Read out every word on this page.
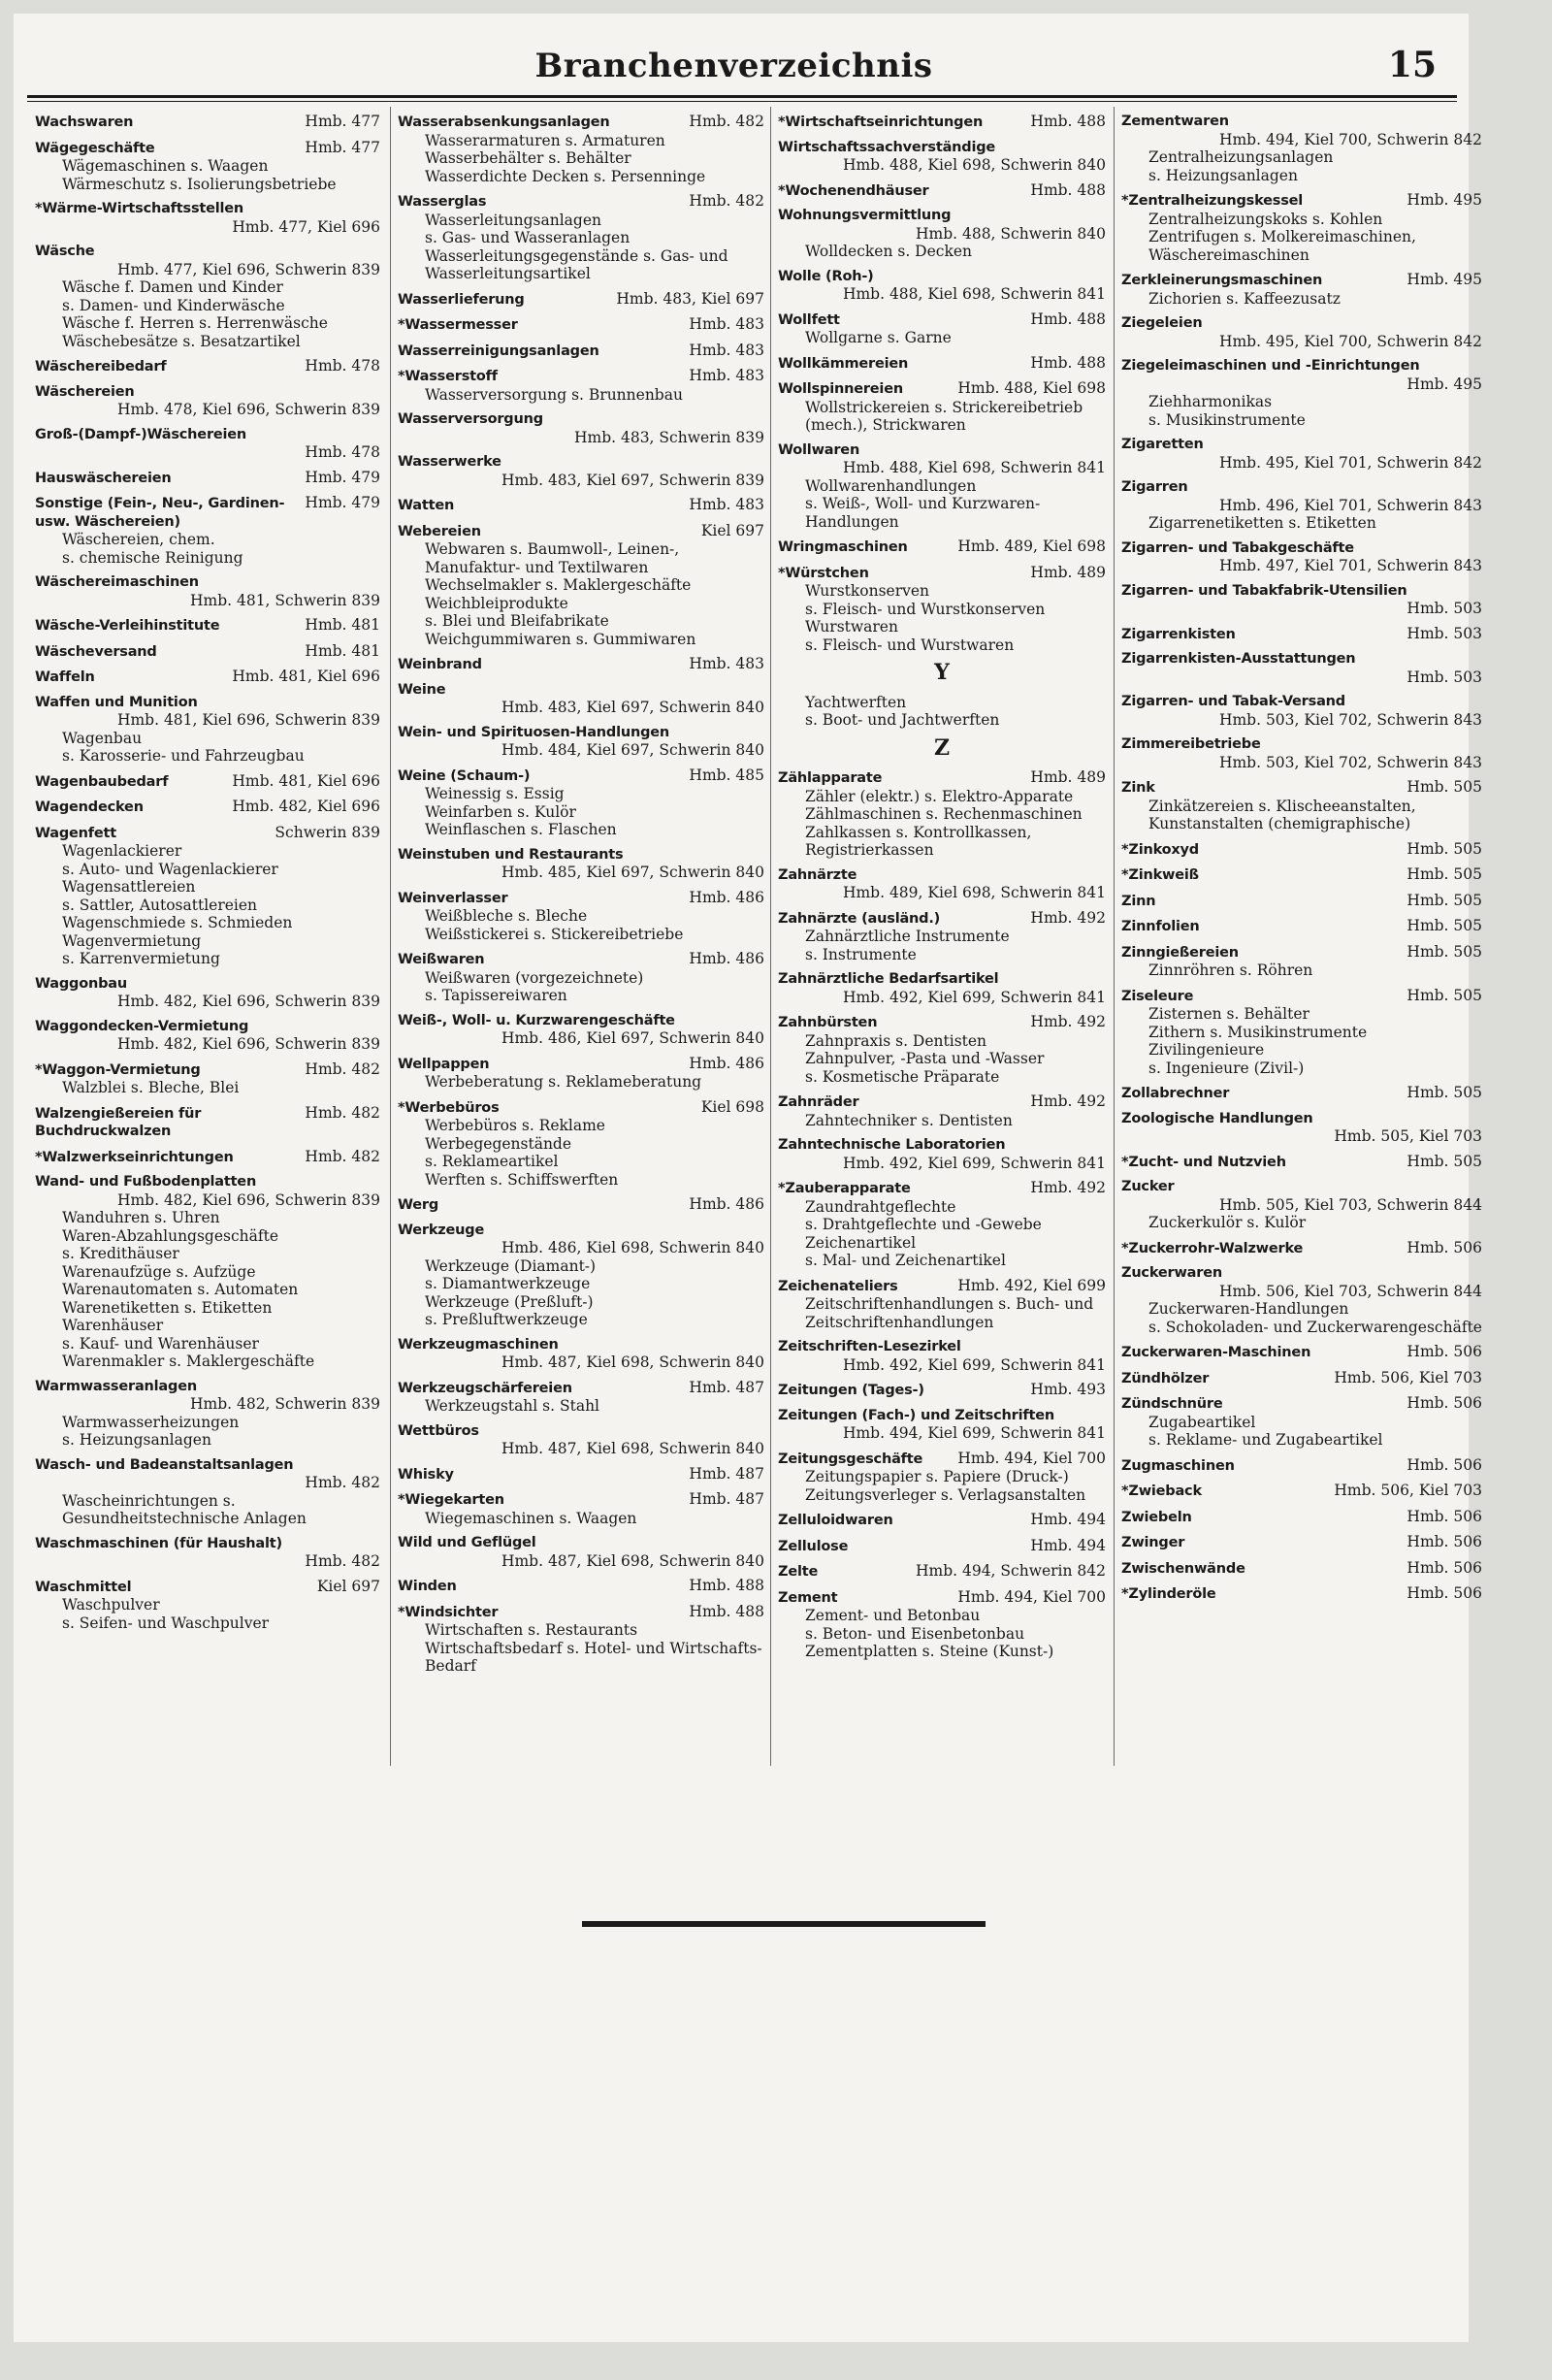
Branchenverzeichnis	15
Wachswaren	Hmb. 477
Wägegeschäfte	Hmb. 477
Wägemaschinen s. Waagen
Wärmeschutz s. Isolierungsbetriebe
*Wärme-Wirtschaftsstellen
Hmb. 477, Kiel 696
Wäsche
Hmb. 477, Kiel 696, Schwerin 839
Wäsche f. Damen und Kinder
s. Damen- und Kinderwäsche
Wäsche f. Herren s. Herrenwäsche
Wäschebesätze s. Besatzartikel
Wäschereibedarf	Hmb. 478
Wäschereien
Hmb. 478, Kiel 696, Schwerin 839
Groß-(Dampf-)Wäschereien
Hmb. 478
Hauswäschereien	Hmb. 479
Sonstige (Fein-, Neu-, Gardinen- usw. Wäschereien)
Hmb. 479
Wäschereien, chem.
s. chemische Reinigung
Wäschereimaschinen
Hmb. 481, Schwerin 839
Wäsche-Verleihinstitute	Hmb. 481
Wäscheversand	Hmb. 481
Waffeln	Hmb. 481, Kiel 696
Waffen und Munition
Hmb. 481, Kiel 696, Schwerin 839
Wagenbau
s. Karosserie- und Fahrzeugbau
Wagenbaubedarf	Hmb. 481, Kiel 696
Wagendecken	Hmb. 482, Kiel 696
Wagenfett	Schwerin 839
Wagenlackierer
s. Auto- und Wagenlackierer
Wagensattlereien
s. Sattler, Autosattlereien
Wagenschmiede s. Schmieden
Wagenvermietung
s. Karrenvermietung
Waggonbau
Hmb. 482, Kiel 696, Schwerin 839
Waggondecken-Vermietung
Hmb. 482, Kiel 696, Schwerin 839
*Waggon-Vermietung	Hmb. 482
Walzblei s. Bleche, Blei
Walzengießereien für Buchdruckwalzen
Hmb. 482
*Walzwerkseinrichtungen	Hmb. 482
Wand- und Fußbodenplatten
Hmb. 482, Kiel 696, Schwerin 839
Wanduhren s. Uhren
Waren-Abzahlungsgeschäfte
s. Kredithäuser
Warenaufzüge s. Aufzüge
Warenautomaten s. Automaten
Warenetiketten s. Etiketten
Warenhäuser
s. Kauf- und Warenhäuser
Warenmakler s. Maklergeschäfte
Warmwasseranlagen
Hmb. 482, Schwerin 839
Warmwasserheizungen
s. Heizungsanlagen
Wasch- und Badeanstaltsanlagen
Hmb. 482
Wascheinrichtungen s. Gesundheitstechnische Anlagen
Waschmaschinen (für Haushalt)
Hmb. 482
Waschmittel	Kiel 697
Waschpulver
s. Seifen- und Waschpulver
Wasserabsenkungsanlagen	Hmb. 482
Wasserarmaturen s. Armaturen
Wasserbehälter s. Behälter
Wasserdichte Decken s. Persenninge
Wasserglas	Hmb. 482
Wasserleitungsanlagen
s. Gas- und Wasseranlagen
Wasserleitungsgegenstände s. Gas- und Wasserleitungsartikel
Wasserlieferung	Hmb. 483, Kiel 697
*Wassermesser	Hmb. 483
Wasserreinigungsanlagen	Hmb. 483
*Wasserstoff	Hmb. 483
Wasserversorgung s. Brunnenbau
Wasserversorgung
Hmb. 483, Schwerin 839
Wasserwerke
Hmb. 483, Kiel 697, Schwerin 839
Watten	Hmb. 483
Webereien	Kiel 697
Webwaren s. Baumwoll-, Leinen-, Manufaktur- und Textilwaren
Wechselmakler s. Maklergeschäfte
Weichbleiprodukte
s. Blei und Bleifabrikate
Weichgummiwaren s. Gummiwaren
Weinbrand	Hmb. 483
Weine
Hmb. 483, Kiel 697, Schwerin 840
Wein- und Spirituosen-Handlungen
Hmb. 484, Kiel 697, Schwerin 840
Weine (Schaum-)	Hmb. 485
Weinessig s. Essig
Weinfarben s. Kulör
Weinflaschen s. Flaschen
Weinstuben und Restaurants
Hmb. 485, Kiel 697, Schwerin 840
Weinverlasser	Hmb. 486
Weißbleche s. Bleche
Weißstickerei s. Stickereibetriebe
Weißwaren	Hmb. 486
Weißwaren (vorgezeichnete)
s. Tapissereiwaren
Weiß-, Woll- u. Kurzwarengeschäfte
Hmb. 486, Kiel 697, Schwerin 840
Wellpappen	Hmb. 486
Werbeberatung s. Reklameberatung
*Werbebüros	Kiel 698
Werbebüros s. Reklame
Werbegegenstände
s. Reklameartikel
Werften s. Schiffswerften
Werg	Hmb. 486
Werkzeuge
Hmb. 486, Kiel 698, Schwerin 840
Werkzeuge (Diamant-)
s. Diamantwerkzeuge
Werkzeuge (Preßluft-)
s. Preßluftwerkzeuge
Werkzeugmaschinen
Hmb. 487, Kiel 698, Schwerin 840
Werkzeugschärfereien	Hmb. 487
Werkzeugstahl s. Stahl
Wettbüros
Hmb. 487, Kiel 698, Schwerin 840
Whisky	Hmb. 487
*Wiegekarten	Hmb. 487
Wiegemaschinen s. Waagen
Wild und Geflügel
Hmb. 487, Kiel 698, Schwerin 840
Winden	Hmb. 488
*Windsichter	Hmb. 488
Wirtschaften s. Restaurants
Wirtschaftsbedarf s. Hotel- und Wirtschafts-Bedarf
*Wirtschaftseinrichtungen	Hmb. 488
Wirtschaftssachverständige
Hmb. 488, Kiel 698, Schwerin 840
*Wochenendhäuser	Hmb. 488
Wohnungsvermittlung
Hmb. 488, Schwerin 840
Wolldecken s. Decken
Wolle (Roh-)
Hmb. 488, Kiel 698, Schwerin 841
Wollfett	Hmb. 488
Wollgarne s. Garne
Wollkämmereien	Hmb. 488
Wollspinnereien	Hmb. 488, Kiel 698
Wollstrickereien s. Strickereibetrieb (mech.), Strickwaren
Wollwaren
Hmb. 488, Kiel 698, Schwerin 841
Wollwarenhandlungen
s. Weiß-, Woll- und Kurzwaren-Handlungen
Wringmaschinen	Hmb. 489, Kiel 698
*Würstchen	Hmb. 489
Wurstkonserven
s. Fleisch- und Wurstkonserven
Wurstwaren
s. Fleisch- und Wurstwaren
Y
Yachtwerften
s. Boot- und Jachtwerften
Z
Zählapparate	Hmb. 489
Zähler (elektr.) s. Elektro-Apparate
Zählmaschinen s. Rechenmaschinen
Zahlkassen s. Kontrollkassen, Registrierkassen
Zahnärzte
Hmb. 489, Kiel 698, Schwerin 841
Zahnärzte (ausländ.)	Hmb. 492
Zahnärztliche Instrumente
s. Instrumente
Zahnärztliche Bedarfsartikel
Hmb. 492, Kiel 699, Schwerin 841
Zahnbürsten	Hmb. 492
Zahnpraxis s. Dentisten
Zahnpulver, -Pasta und -Wasser
s. Kosmetische Präparate
Zahnräder	Hmb. 492
Zahntechniker s. Dentisten
Zahntechnische Laboratorien
Hmb. 492, Kiel 699, Schwerin 841
*Zauberapparate	Hmb. 492
Zaundrahtgeflechte
s. Drahtgeflechte und -Gewebe
Zeichenartikel
s. Mal- und Zeichenartikel
Zeichenateliers	Hmb. 492, Kiel 699
Zeitschriftenhandlungen s. Buch- und Zeitschriftenhandlungen
Zeitschriften-Lesezirkel
Hmb. 492, Kiel 699, Schwerin 841
Zeitungen (Tages-)	Hmb. 493
Zeitungen (Fach-) und Zeitschriften
Hmb. 494, Kiel 699, Schwerin 841
Zeitungsgeschäfte Hmb. 494, Kiel 700
Zeitungspapier s. Papiere (Druck-)
Zeitungsverleger s. Verlagsanstalten
Zelluloidwaren	Hmb. 494
Zellulose	Hmb. 494
Zelte	Hmb. 494, Schwerin 842
Zement	Hmb. 494, Kiel 700
Zement- und Betonbau
s. Beton- und Eisenbetonbau
Zementplatten s. Steine (Kunst-)
Zementwaren
Hmb. 494, Kiel 700, Schwerin 842
Zentralheizungsanlagen
s. Heizungsanlagen
*Zentralheizungskessel	Hmb. 495
Zentralheizungskoks s. Kohlen
Zentrifugen s. Molkereimaschinen, Wäschereimaschinen
Zerkleinerungsmaschinen	Hmb. 495
Zichorien s. Kaffeezusatz
Ziegeleien
Hmb. 495, Kiel 700, Schwerin 842
Ziegeleimaschinen und -Einrichtungen
Hmb. 495
Ziehharmonikas
s. Musikinstrumente
Zigaretten
Hmb. 495, Kiel 701, Schwerin 842
Zigarren
Hmb. 496, Kiel 701, Schwerin 843
Zigarrenetiketten s. Etiketten
Zigarren- und Tabakgeschäfte
Hmb. 497, Kiel 701, Schwerin 843
Zigarren- und Tabakfabrik-Utensilien
Hmb. 503
Zigarrenkisten	Hmb. 503
Zigarrenkisten-Ausstattungen
Hmb. 503
Zigarren- und Tabak-Versand
Hmb. 503, Kiel 702, Schwerin 843
Zimmereibetriebe
Hmb. 503, Kiel 702, Schwerin 843
Zink	Hmb. 505
Zinkätzereien s. Klischeeanstalten, Kunstanstalten (chemigraphische)
*Zinkoxyd	Hmb. 505
*Zinkweiß	Hmb. 505
Zinn	Hmb. 505
Zinnfolien	Hmb. 505
Zinngießereien	Hmb. 505
Zinnröhren s. Röhren
Ziseleure	Hmb. 505
Zisternen s. Behälter
Zithern s. Musikinstrumente
Zivilingenieure
s. Ingenieure (Zivil-)
Zollabrechner	Hmb. 505
Zoologische Handlungen
Hmb. 505, Kiel 703
*Zucht- und Nutzvieh	Hmb. 505
Zucker
Hmb. 505, Kiel 703, Schwerin 844
Zuckerkulör s. Kulör
*Zuckerrohr-Walzwerke	Hmb. 506
Zuckerwaren
Hmb. 506, Kiel 703, Schwerin 844
Zuckerwaren-Handlungen
s. Schokoladen- und Zuckerwarengeschäfte
Zuckerwaren-Maschinen	Hmb. 506
Zündhölzer	Hmb. 506, Kiel 703
Zündschnüre	Hmb. 506
Zugabeartikel
s. Reklame- und Zugabeartikel
Zugmaschinen	Hmb. 506
*Zwieback	Hmb. 506, Kiel 703
Zwiebeln	Hmb. 506
Zwinger	Hmb. 506
Zwischenwände	Hmb. 506
*Zylinderöle	Hmb. 506
